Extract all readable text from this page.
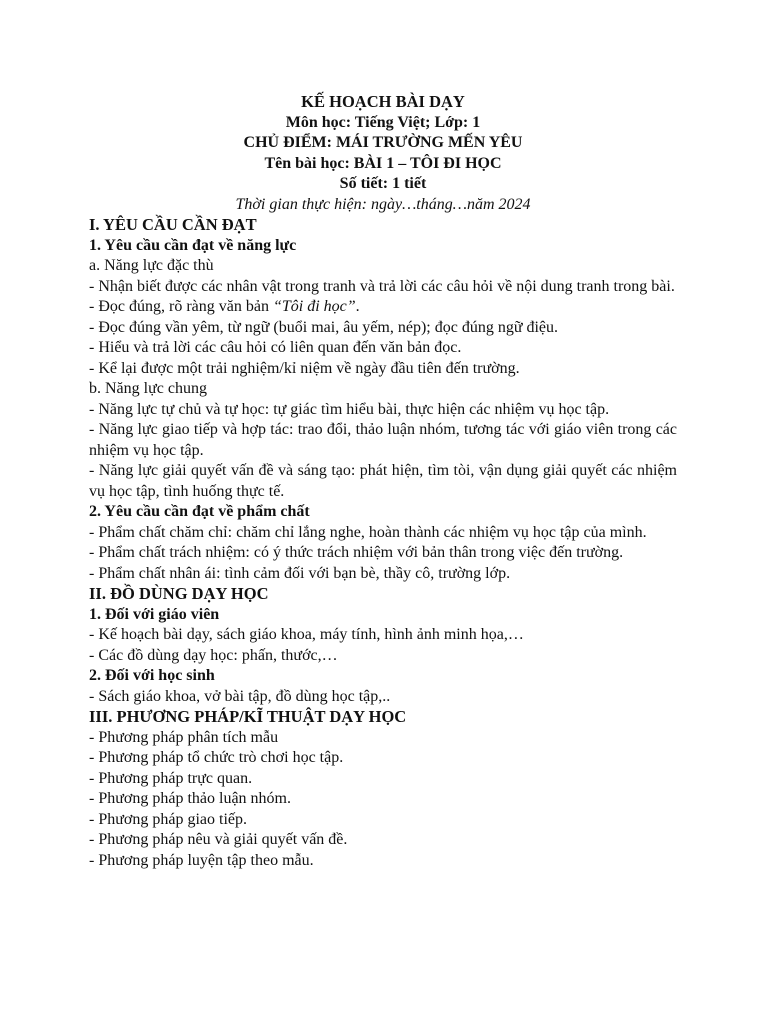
KẾ HOẠCH BÀI DẠY
Môn học: Tiếng Việt; Lớp: 1
CHỦ ĐIỂM: MÁI TRƯỜNG MẾN YÊU
Tên bài học: BÀI 1 – TÔI ĐI HỌC
Số tiết: 1 tiết
Thời gian thực hiện: ngày…tháng…năm 2024
I. YÊU CẦU CẦN ĐẠT
1. Yêu cầu cần đạt về năng lực
a. Năng lực đặc thù
- Nhận biết được các nhân vật trong tranh và trả lời các câu hỏi về nội dung tranh trong bài.
- Đọc đúng, rõ ràng văn bản “Tôi đi học”.
- Đọc đúng vần yêm, từ ngữ (buổi mai, âu yếm, nép); đọc đúng ngữ điệu.
- Hiểu và trả lời các câu hỏi có liên quan đến văn bản đọc.
- Kể lại được một trải nghiệm/kỉ niệm về ngày đầu tiên đến trường.
b. Năng lực chung
- Năng lực tự chủ và tự học: tự giác tìm hiểu bài, thực hiện các nhiệm vụ học tập.
- Năng lực giao tiếp và hợp tác: trao đổi, thảo luận nhóm, tương tác với giáo viên trong các nhiệm vụ học tập.
- Năng lực giải quyết vấn đề và sáng tạo: phát hiện, tìm tòi, vận dụng giải quyết các nhiệm vụ học tập, tình huống thực tế.
2. Yêu cầu cần đạt về phẩm chất
- Phẩm chất chăm chỉ: chăm chỉ lắng nghe, hoàn thành các nhiệm vụ học tập của mình.
- Phẩm chất trách nhiệm: có ý thức trách nhiệm với bản thân trong việc đến trường.
- Phẩm chất nhân ái: tình cảm đối với bạn bè, thầy cô, trường lớp.
II. ĐỒ DÙNG DẠY HỌC
1. Đối với giáo viên
- Kế hoạch bài dạy, sách giáo khoa, máy tính, hình ảnh minh họa,…
- Các đồ dùng dạy học: phấn, thước,…
2. Đối với học sinh
- Sách giáo khoa, vở bài tập, đồ dùng học tập,..
III. PHƯƠNG PHÁP/KĨ THUẬT DẠY HỌC
- Phương pháp phân tích mẫu
- Phương pháp tổ chức trò chơi học tập.
- Phương pháp trực quan.
- Phương pháp thảo luận nhóm.
- Phương pháp giao tiếp.
- Phương pháp nêu và giải quyết vấn đề.
- Phương pháp luyện tập theo mẫu.
